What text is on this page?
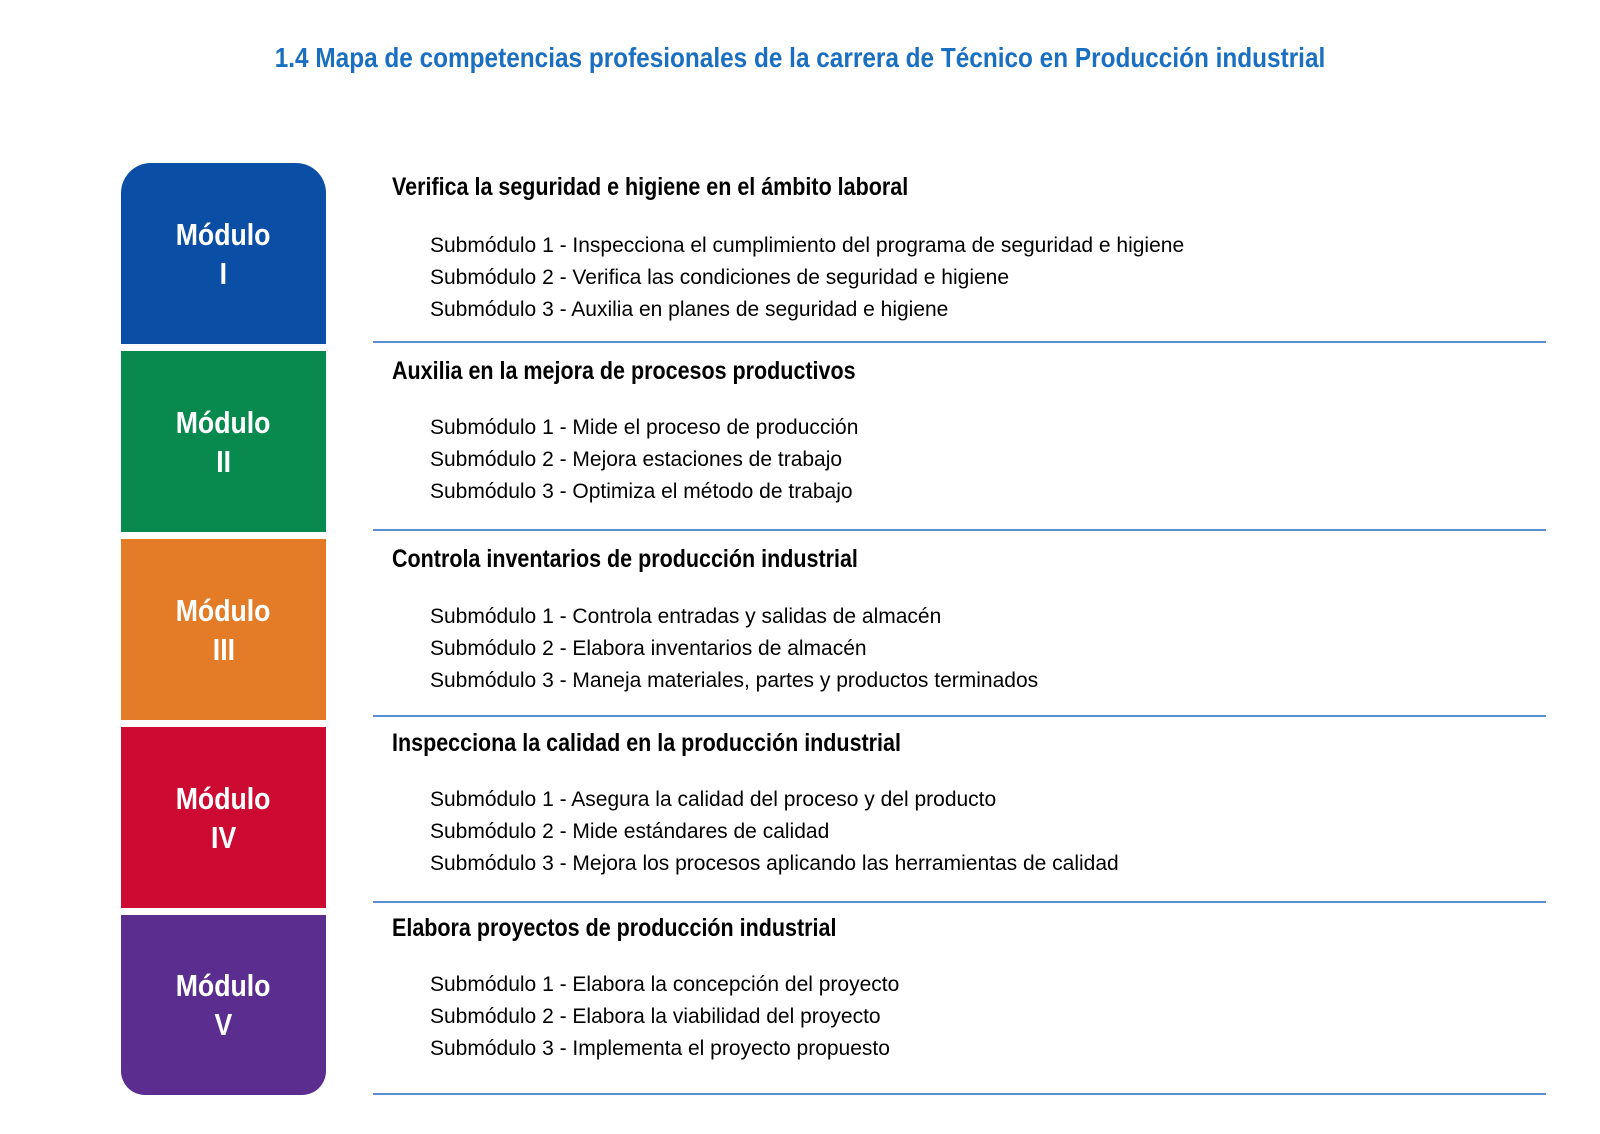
1.4 Mapa de competencias profesionales de la carrera de Técnico en Producción industrial
Módulo
I
Verifica la seguridad e higiene en el ámbito laboral
Submódulo 1 - Inspecciona el cumplimiento del programa de seguridad e higiene
Submódulo 2 - Verifica las condiciones de seguridad e higiene
Submódulo 3 - Auxilia en planes de seguridad e higiene
Módulo
II
Auxilia en la mejora de procesos productivos
Submódulo 1 - Mide el proceso de producción
Submódulo 2 - Mejora estaciones de trabajo
Submódulo 3 - Optimiza el método de trabajo
Módulo
III
Controla inventarios de producción industrial
Submódulo 1 - Controla entradas y salidas de almacén
Submódulo 2 - Elabora inventarios de almacén
Submódulo 3 - Maneja materiales, partes y productos terminados
Módulo
IV
Inspecciona la calidad en la producción industrial
Submódulo 1 - Asegura la calidad del proceso y del producto
Submódulo 2 - Mide estándares de calidad
Submódulo 3 - Mejora los procesos aplicando las herramientas de calidad
Módulo
V
Elabora proyectos de producción industrial
Submódulo 1 - Elabora la concepción del proyecto
Submódulo 2 - Elabora la viabilidad del proyecto
Submódulo 3 - Implementa el proyecto propuesto
